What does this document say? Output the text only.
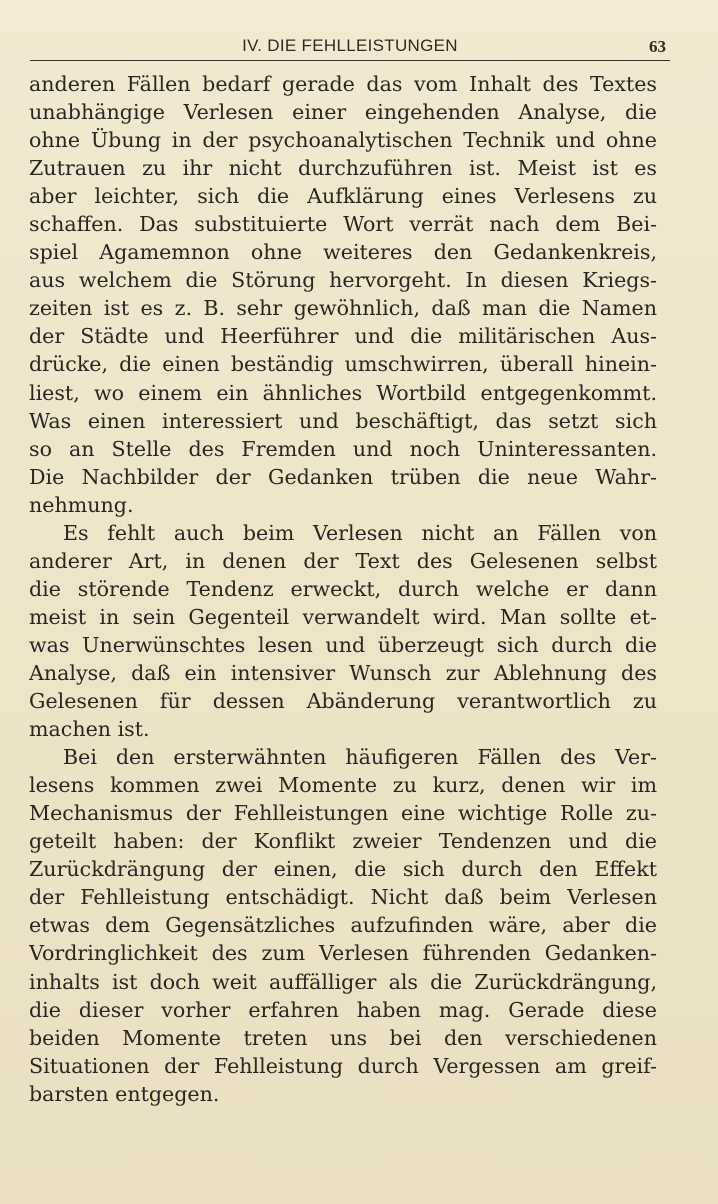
IV. DIE FEHLLEISTUNGEN	63
anderen Fällen bedarf gerade das vom Inhalt des Textes
unabhängige Verlesen einer eingehenden Analyse, die
ohne Übung in der psychoanalytischen Technik und ohne
Zutrauen zu ihr nicht durchzuführen ist. Meist ist es
aber leichter, sich die Aufklärung eines Verlesens zu
schaffen. Das substituierte Wort verrät nach dem Bei-
spiel Agamemnon ohne weiteres den Gedankenkreis,
aus welchem die Störung hervorgeht. In diesen Kriegs-
zeiten ist es z. B. sehr gewöhnlich, daß man die Namen
der Städte und Heerführer und die militärischen Aus-
drücke, die einen beständig umschwirren, überall hinein-
liest, wo einem ein ähnliches Wortbild entgegenkommt.
Was einen interessiert und beschäftigt, das setzt sich
so an Stelle des Fremden und noch Uninteressanten.
Die Nachbilder der Gedanken trüben die neue Wahr-
nehmung.
Es fehlt auch beim Verlesen nicht an Fällen von
anderer Art, in denen der Text des Gelesenen selbst
die störende Tendenz erweckt, durch welche er dann
meist in sein Gegenteil verwandelt wird. Man sollte et-
was Unerwünschtes lesen und überzeugt sich durch die
Analyse, daß ein intensiver Wunsch zur Ablehnung des
Gelesenen für dessen Abänderung verantwortlich zu
machen ist.
Bei den ersterwähnten häufigeren Fällen des Ver-
lesens kommen zwei Momente zu kurz, denen wir im
Mechanismus der Fehlleistungen eine wichtige Rolle zu-
geteilt haben: der Konflikt zweier Tendenzen und die
Zurückdrängung der einen, die sich durch den Effekt
der Fehlleistung entschädigt. Nicht daß beim Verlesen
etwas dem Gegensätzliches aufzufinden wäre, aber die
Vordringlichkeit des zum Verlesen führenden Gedanken-
inhalts ist doch weit auffälliger als die Zurückdrängung,
die dieser vorher erfahren haben mag. Gerade diese
beiden Momente treten uns bei den verschiedenen
Situationen der Fehlleistung durch Vergessen am greif-
barsten entgegen.
